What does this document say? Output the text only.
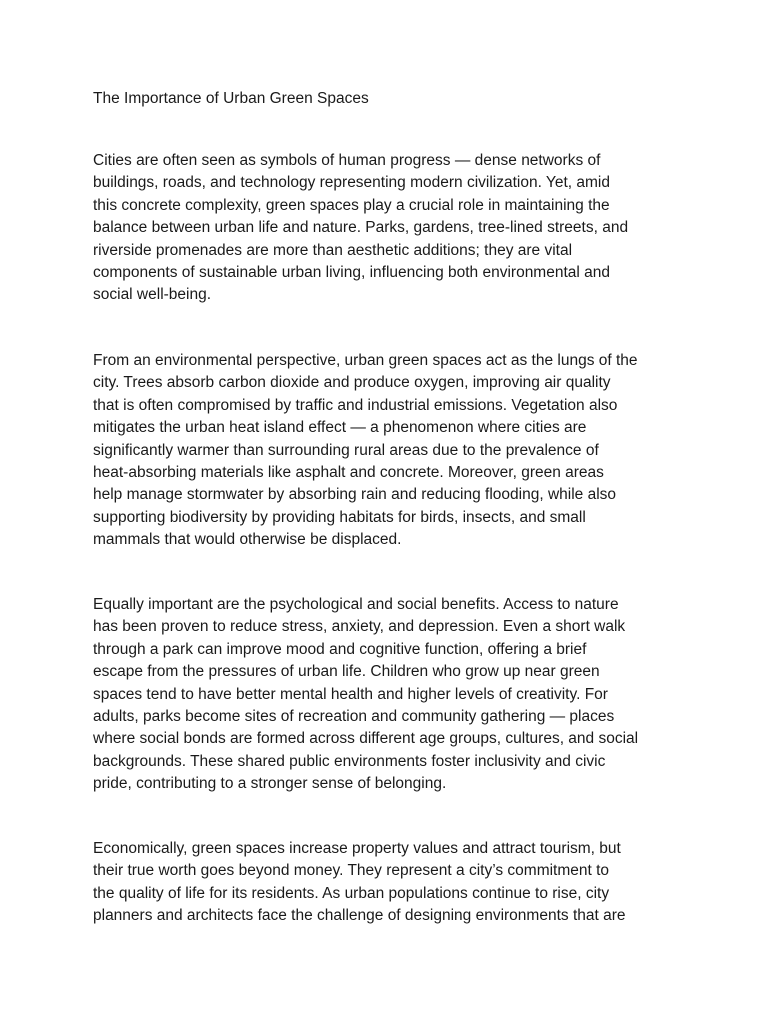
The Importance of Urban Green Spaces
Cities are often seen as symbols of human progress — dense networks of
buildings, roads, and technology representing modern civilization. Yet, amid
this concrete complexity, green spaces play a crucial role in maintaining the
balance between urban life and nature. Parks, gardens, tree-lined streets, and
riverside promenades are more than aesthetic additions; they are vital
components of sustainable urban living, influencing both environmental and
social well-being.
From an environmental perspective, urban green spaces act as the lungs of the
city. Trees absorb carbon dioxide and produce oxygen, improving air quality
that is often compromised by traffic and industrial emissions. Vegetation also
mitigates the urban heat island effect — a phenomenon where cities are
significantly warmer than surrounding rural areas due to the prevalence of
heat-absorbing materials like asphalt and concrete. Moreover, green areas
help manage stormwater by absorbing rain and reducing flooding, while also
supporting biodiversity by providing habitats for birds, insects, and small
mammals that would otherwise be displaced.
Equally important are the psychological and social benefits. Access to nature
has been proven to reduce stress, anxiety, and depression. Even a short walk
through a park can improve mood and cognitive function, offering a brief
escape from the pressures of urban life. Children who grow up near green
spaces tend to have better mental health and higher levels of creativity. For
adults, parks become sites of recreation and community gathering — places
where social bonds are formed across different age groups, cultures, and social
backgrounds. These shared public environments foster inclusivity and civic
pride, contributing to a stronger sense of belonging.
Economically, green spaces increase property values and attract tourism, but
their true worth goes beyond money. They represent a city’s commitment to
the quality of life for its residents. As urban populations continue to rise, city
planners and architects face the challenge of designing environments that are
